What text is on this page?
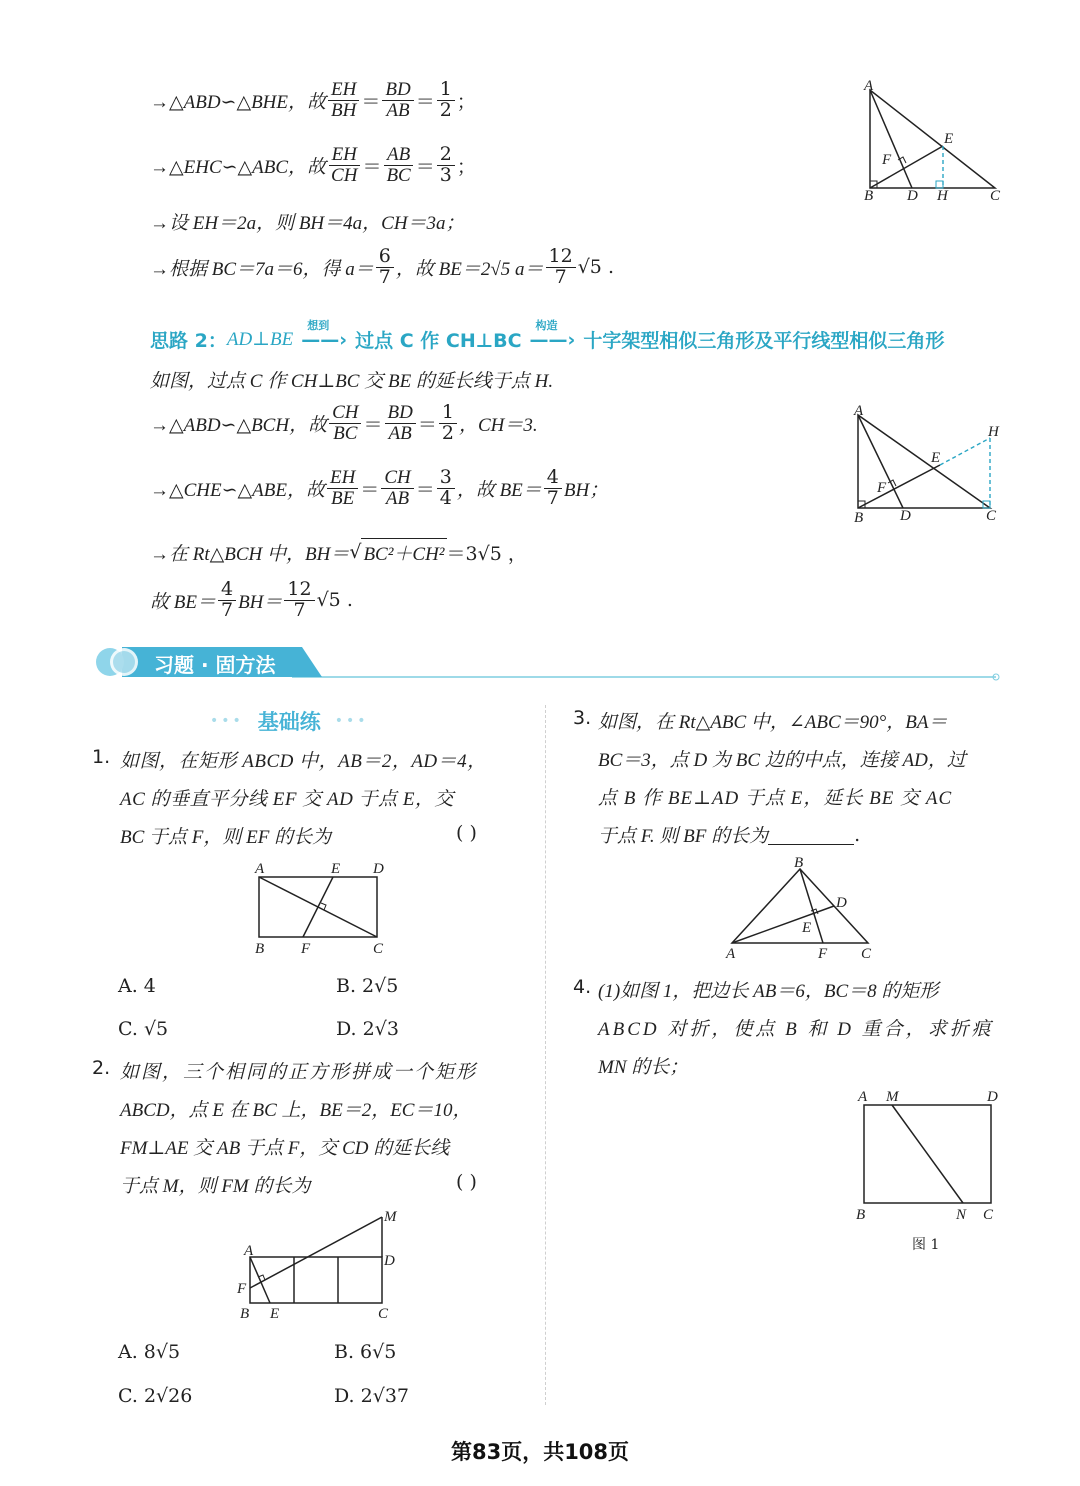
→△ABD∽△BHE，故 $\frac{EH}{BH} = \frac{BD}{AB} = \frac{1}{2}$ ；
→△EHC∽△ABC，故 $\frac{EH}{CH} = \frac{AB}{BC} = \frac{2}{3}$ ；
→设 EH＝2a，则 BH＝4a，CH＝3a；
→根据 BC＝7a＝6，得 $a= \frac{6}{7}$ ，故 BE＝2√5 $a= \frac{12}{7} √5$ .
A
E
F
B D H	C
思路 2： AD⊥BE
想到
——› 过点 C 作 CH⊥BC
构造
——› 十字架型相似三角形及平行线型相似三角形
如图，过点 C 作 CH⊥BC 交 BE 的延长线于点 H.
→△ABD∽△BCH，故 $\frac{CH}{BC} = \frac{BD}{AB} = \frac{1}{2}$ ，CH＝3.
→△CHE∽△ABE，故 $\frac{EH}{BE} = \frac{CH}{AB} = \frac{3}{4}$ ，故 $BE= \frac{4}{7}$ BH；
→在 Rt△BCH 中，BH＝ √ BC²＋CH² ＝3√5 ，
故 $BE= \frac{4}{7} BH= \frac{12}{7} √5$ .
A
H
E
F
B D	C
习题 · 固方法
••• 基础练 •••
1. 如图，在矩形 ABCD 中，AB＝2，AD＝4，
AC 的垂直平分线 EF 交 AD 于点 E，交
BC 于点 F，则 EF 的长为	( )
A	E D
B F	C
A. 4	B. 2√5
C. √5	D. 2√3
2. 如图，三个相同的正方形拼成一个矩形
ABCD，点 E 在 BC 上，BE＝2，EC＝10，
FM⊥AE 交 AB 于点 F，交 CD 的延长线
于点 M，则 FM 的长为	( )
M
A
D
F
B E	C
A. 8√5	B. 6√5
C. 2√26	D. 2√37
3. 如图，在 Rt△ABC 中，∠ABC＝90°，BA＝
BC＝3，点 D 为 BC 边的中点，连接 AD，过
点 B 作 BE⊥AD 于点 E，延长 BE 交 AC
于点 F. 则 BF 的长为	.
B
D
E
A	F C
4. (1)如图 1，把边长 AB＝6，BC＝8 的矩形
ABCD 对折，使点 B 和 D 重合，求折痕
MN 的长；
A M	D
B	N C
图 1
第83页，共108页
